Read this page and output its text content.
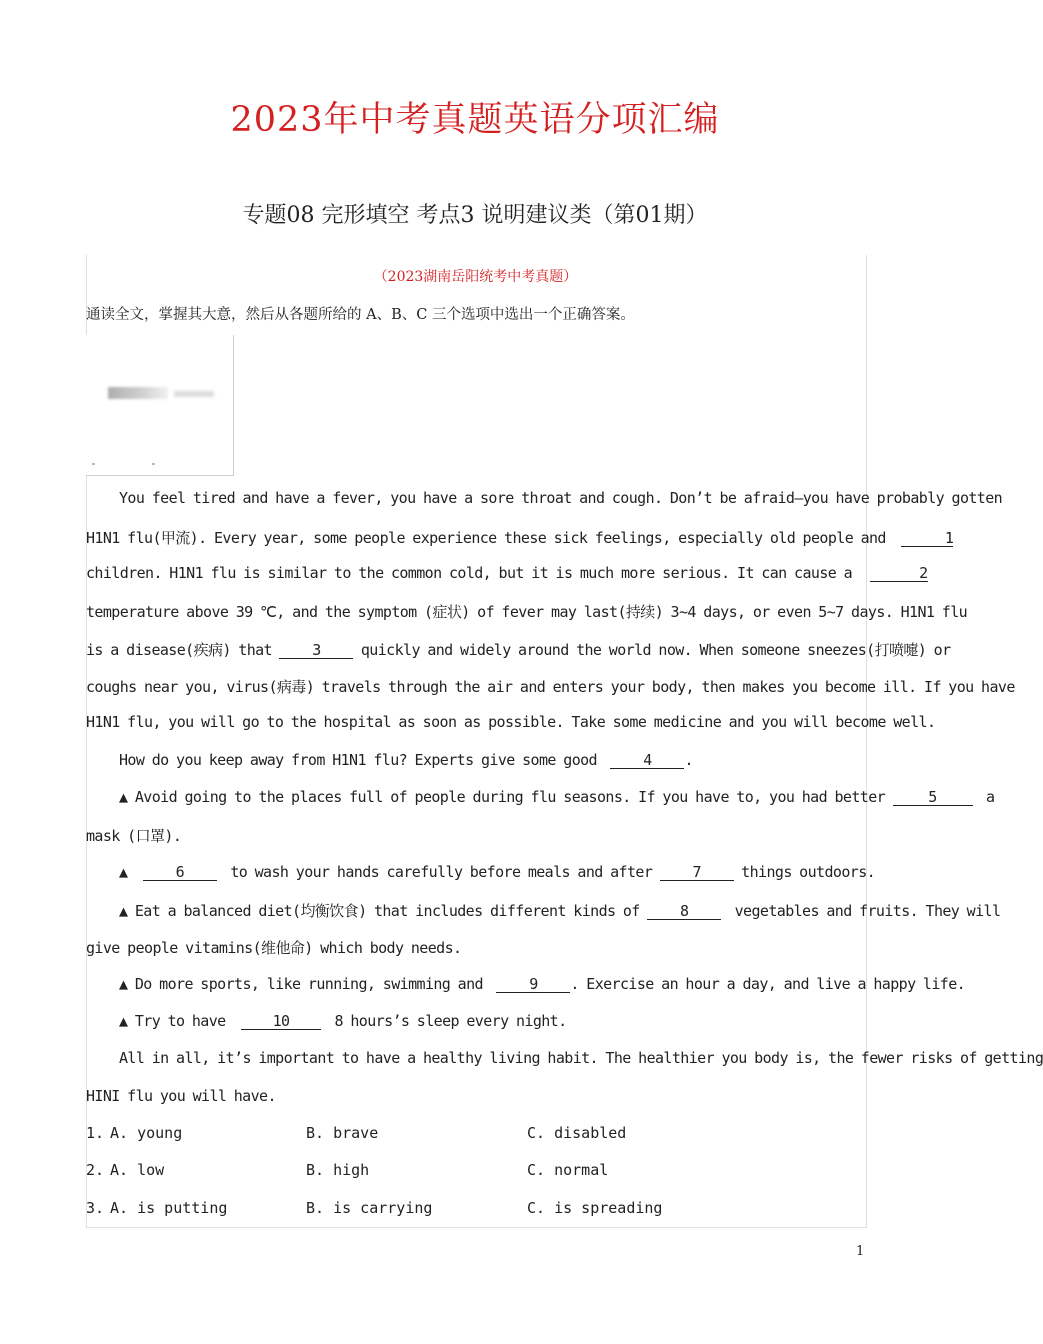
2023年中考真题英语分项汇编
专题08 完形填空 考点3 说明建议类（第01期）
（2023湖南岳阳统考中考真题）
通读全文，掌握其大意，然后从各题所给的 A、B、C 三个选项中选出一个正确答案。
You feel tired and have a fever, you have a sore throat and cough. Don’t be afraid—you have probably gotten
H1N1 flu(甲流). Every year, some people experience these sick feelings, especially old people and	1
children. H1N1 flu is similar to the common cold, but it is much more serious. It can cause a	2
temperature above 39 ℃, and the symptom (症状) of fever may last(持续) 3~4 days, or even 5~7 days. H1N1 flu
is a disease(疾病) that	3	quickly and widely around the world now. When someone sneezes(打喷嚏) or
coughs near you, virus(病毒) travels through the air and enters your body, then makes you become ill. If you have
H1N1 flu, you will go to the hospital as soon as possible. Take some medicine and you will become well.
How do you keep away from H1N1 flu? Experts give some good	4 .
▲ Avoid going to the places full of people during flu seasons. If you have to, you had better	5	a
mask (口罩).
▲	6	to wash your hands carefully before meals and after	7	things outdoors.
▲ Eat a balanced diet(均衡饮食) that includes different kinds of	8	vegetables and fruits. They will
give people vitamins(维他命) which body needs.
▲ Do more sports, like running, swimming and	9 . Exercise an hour a day, and live a happy life.
▲ Try to have	10	8 hours’s sleep every night.
All in all, it’s important to have a healthy living habit. The healthier you body is, the fewer risks of getting
HINI flu you will have.
1. A. young	B. brave	C. disabled
2. A. low	B. high	C. normal
3. A. is putting	B. is carrying	C. is spreading
1
